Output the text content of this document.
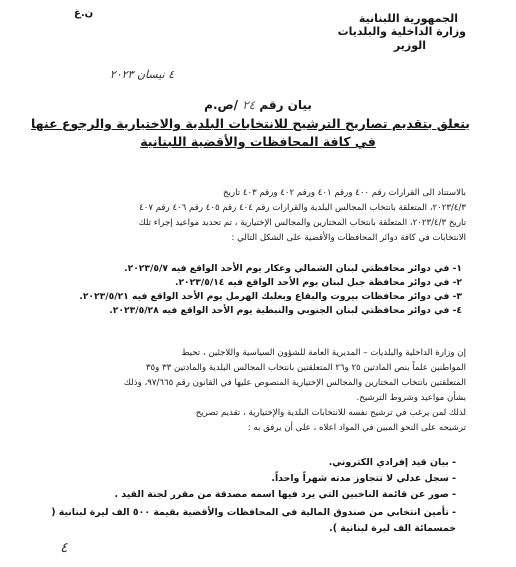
الجمهورية اللبنانية
وزارة الداخلية والبلديات
الوزير
ن.غ
٤ نيسان ٢٠٢٣
بيان رقم ٢٤ /ص.م
يتعلق بتقديم تصاريح الترشيح للانتخابات البلدية والاختيارية والرجوع عنها
في كافة المحافظات والأقضية اللبنانية
بالاستناد الى القرارات رقم ٤٠٠ ورقم ٤٠١ ورقم ٤٠٢ ورقم ٤٠٣ تاريخ
٢٠٢٣/٤/٣، المتعلقة بانتخاب المجالس البلدية والقرارات رقم ٤٠٤ رقم ٤٠٥ رقم ٤٠٦ رقم ٤٠٧
تاريخ ٢٠٢٣/٤/٣، المتعلقة بانتخاب المختارين والمجالس الإختيارية ، تم تحديد مواعيد إجراء تلك
الانتخابات في كافة دوائر المحافظات والأقضية على الشكل التالي :
١- في دوائر محافظتي لبنان الشمالي وعكار يوم الأحد الواقع فيه ٢٠٢٣/٥/٧.
٢- في دوائر محافظة جبل لبنان يوم الأحد الواقع فيه ٢٠٢٣/٥/١٤.
٣- في دوائر محافظات بيروت والبقاع وبعلبك الهرمل يوم الأحد الواقع فيه ٢٠٢٣/٥/٢١.
٤- في دوائر محافظتي لبنان الجنوبي والنبطية يوم الأحد الواقع فيه ٢٠٢٣/٥/٢٨.
إن وزارة الداخلية والبلديات – المديرية العامة للشؤون السياسية واللاجئين ، تحيط
المواطنين علماً بنص المادتين ٢٥ و٢٦ المتعلقتين بانتخاب المجالس البلدية والمادتين ٣٣ و٣٥
المتعلقتين بانتخاب المختارين والمجالس الإختيارية المنصوص عليها في القانون رقم ٩٧/٦٦٥، وذلك
بشأن مواعيد وشروط الترشيح.
لذلك لمن يرغب في ترشيح نفسه للانتخابات البلدية والإختيارية ، تقديم تصريح
ترشيحه على النحو المبين في المواد اعلاه ، على أن يرفق به :
- بيان قيد إفرادي الكتروني.
- سجل عدلي لا تتجاوز مدته شهراً واحداً.
- صور عن قائمة الناخبين التي يرد فيها اسمه مصدقة من مقرر لجنة القيد .
- تأمين انتخابي من صندوق المالية في المحافظات والأقضية بقيمة ٥٠٠ الف ليرة لبنانية ( خمسمائة الف ليرة لبنانية ).
٤
